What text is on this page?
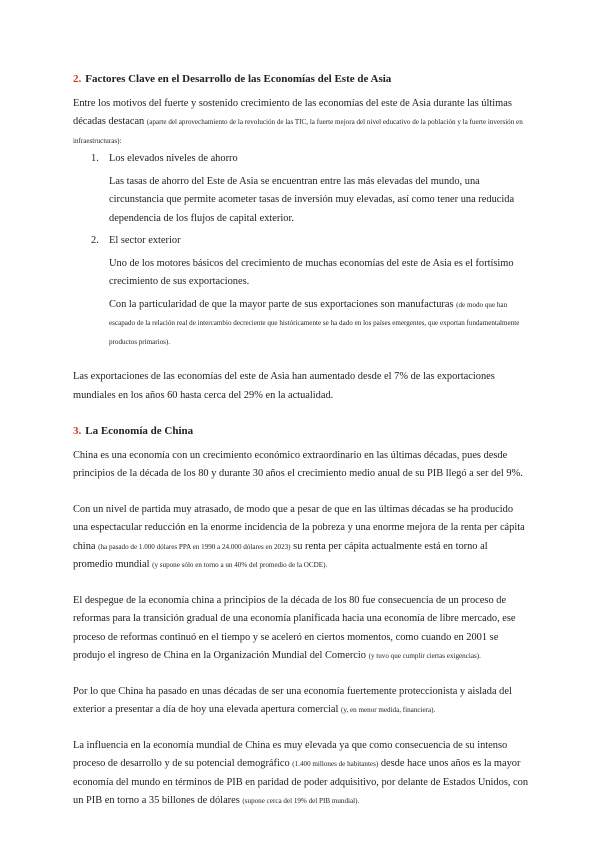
2. Factores Clave en el Desarrollo de las Economías del Este de Asia

Entre los motivos del fuerte y sostenido crecimiento de las economías del este de Asia durante las últimas décadas destacan (aparte del aprovechamiento de la revolución de las TIC, la fuerte mejora del nivel educativo de la población y la fuerte inversión en infraestructuras):

1. Los elevados niveles de ahorro

Las tasas de ahorro del Este de Asia se encuentran entre las más elevadas del mundo, una circunstancia que permite acometer tasas de inversión muy elevadas, así como tener una reducida dependencia de los flujos de capital exterior.

2. El sector exterior

Uno de los motores básicos del crecimiento de muchas economías del este de Asia es el fortísimo crecimiento de sus exportaciones.

Con la particularidad de que la mayor parte de sus exportaciones son manufacturas (de modo que han escapado de la relación real de intercambio decreciente que históricamente se ha dado en los países emergentes, que exportan fundamentalmente productos primarios).

Las exportaciones de las economías del este de Asia han aumentado desde el 7% de las exportaciones mundiales en los años 60 hasta cerca del 29% en la actualidad.

3. La Economía de China

China es una economía con un crecimiento económico extraordinario en las últimas décadas, pues desde principios de la década de los 80 y durante 30 años el crecimiento medio anual de su PIB llegó a ser del 9%.

Con un nivel de partida muy atrasado, de modo que a pesar de que en las últimas décadas se ha producido una espectacular reducción en la enorme incidencia de la pobreza y una enorme mejora de la renta per cápita china (ha pasado de 1.000 dólares PPA en 1990 a 24.000 dólares en 2023) su renta per cápita actualmente está en torno al promedio mundial (y supone sólo en torno a un 40% del promedio de la OCDE).

El despegue de la economía china a principios de la década de los 80 fue consecuencia de un proceso de reformas para la transición gradual de una economía planificada hacia una economía de libre mercado, ese proceso de reformas continuó en el tiempo y se aceleró en ciertos momentos, como cuando en 2001 se produjo el ingreso de China en la Organización Mundial del Comercio (y tuvo que cumplir ciertas exigencias).

Por lo que China ha pasado en unas décadas de ser una economía fuertemente proteccionista y aislada del exterior a presentar a día de hoy una elevada apertura comercial (y, en menor medida, financiera).

La influencia en la economía mundial de China es muy elevada ya que como consecuencia de su intenso proceso de desarrollo y de su potencial demográfico (1.400 millones de habitantes) desde hace unos años es la mayor economía del mundo en términos de PIB en paridad de poder adquisitivo, por delante de Estados Unidos, con un PIB en torno a 35 billones de dólares (supone cerca del 19% del PIB mundial).
